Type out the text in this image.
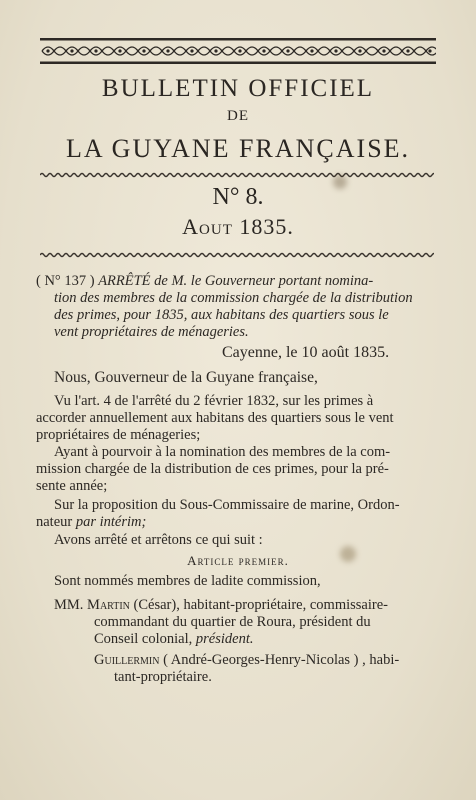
BULLETIN OFFICIEL
DE
LA GUYANE FRANÇAISE.
N° 8.
Aout 1835.
( N° 137 ) ARRÊTÉ de M. le Gouverneur portant nomina-
tion des membres de la commission chargée de la distribution
des primes, pour 1835, aux habitans des quartiers sous le
vent propriétaires de ménageries.
Cayenne, le 10 août 1835.
Nous, Gouverneur de la Guyane française,
Vu l'art. 4 de l'arrêté du 2 février 1832, sur les primes à
accorder annuellement aux habitans des quartiers sous le vent
propriétaires de ménageries;
Ayant à pourvoir à la nomination des membres de la com-
mission chargée de la distribution de ces primes, pour la pré-
sente année;
Sur la proposition du Sous-Commissaire de marine, Ordon-
nateur par intérim;
Avons arrêté et arrêtons ce qui suit :
Article premier.
Sont nommés membres de ladite commission,
MM. Martin (César), habitant-propriétaire, commissaire-
commandant du quartier de Roura, président du
Conseil colonial, président.
Guillermin ( André-Georges-Henry-Nicolas ) , habi-
tant-propriétaire.
